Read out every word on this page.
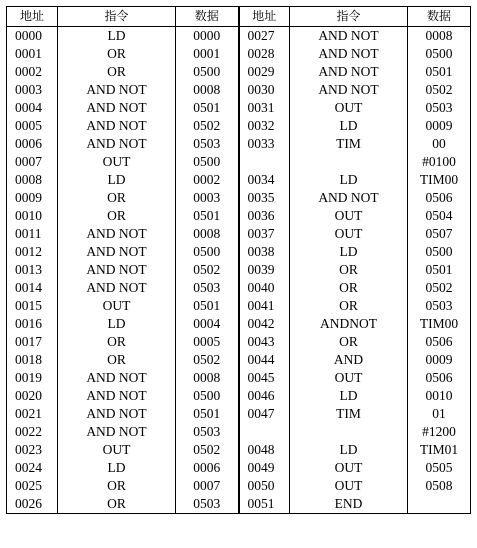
地址	指令	数据	地址	指令	数据
0000	LD	0000	0027	AND NOT	0008
0001	OR	0001	0028	AND NOT	0500
0002	OR	0500	0029	AND NOT	0501
0003	AND NOT	0008	0030	AND NOT	0502
0004	AND NOT	0501	0031	OUT	0503
0005	AND NOT	0502	0032	LD	0009
0006	AND NOT	0503	0033	TIM	00
0007	OUT	0500			#0100
0008	LD	0002	0034	LD	TIM00
0009	OR	0003	0035	AND NOT	0506
0010	OR	0501	0036	OUT	0504
0011	AND NOT	0008	0037	OUT	0507
0012	AND NOT	0500	0038	LD	0500
0013	AND NOT	0502	0039	OR	0501
0014	AND NOT	0503	0040	OR	0502
0015	OUT	0501	0041	OR	0503
0016	LD	0004	0042	ANDNOT	TIM00
0017	OR	0005	0043	OR	0506
0018	OR	0502	0044	AND	0009
0019	AND NOT	0008	0045	OUT	0506
0020	AND NOT	0500	0046	LD	0010
0021	AND NOT	0501	0047	TIM	01
0022	AND NOT	0503			#1200
0023	OUT	0502	0048	LD	TIM01
0024	LD	0006	0049	OUT	0505
0025	OR	0007	0050	OUT	0508
0026	OR	0503	0051	END	
